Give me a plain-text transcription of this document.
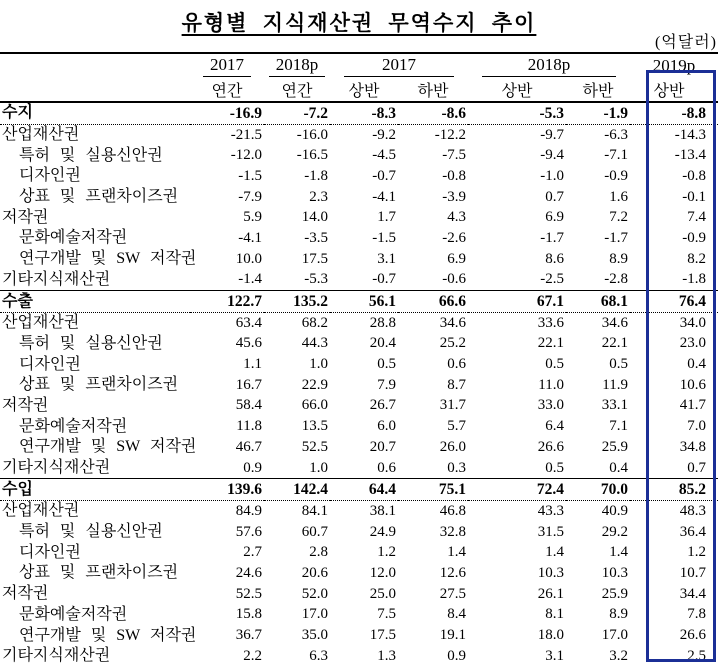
유형별 지식재산권 무역수지 추이
(억달러)
	2017	2018p	2017		2018p		2019p
	연간	연간	상반	하반	상반	하반	상반
수지	-16.9	-7.2	-8.3	-8.6	-5.3	-1.9	-8.8
산업재산권	-21.5	-16.0	-9.2	-12.2	-9.7	-6.3	-14.3
특허 및 실용신안권	-12.0	-16.5	-4.5	-7.5	-9.4	-7.1	-13.4
디자인권	-1.5	-1.8	-0.7	-0.8	-1.0	-0.9	-0.8
상표 및 프랜차이즈권	-7.9	2.3	-4.1	-3.9	0.7	1.6	-0.1
저작권	5.9	14.0	1.7	4.3	6.9	7.2	7.4
문화예술저작권	-4.1	-3.5	-1.5	-2.6	-1.7	-1.7	-0.9
연구개발 및 SW 저작권	10.0	17.5	3.1	6.9	8.6	8.9	8.2
기타지식재산권	-1.4	-5.3	-0.7	-0.6	-2.5	-2.8	-1.8
수출	122.7	135.2	56.1	66.6	67.1	68.1	76.4
산업재산권	63.4	68.2	28.8	34.6	33.6	34.6	34.0
특허 및 실용신안권	45.6	44.3	20.4	25.2	22.1	22.1	23.0
디자인권	1.1	1.0	0.5	0.6	0.5	0.5	0.4
상표 및 프랜차이즈권	16.7	22.9	7.9	8.7	11.0	11.9	10.6
저작권	58.4	66.0	26.7	31.7	33.0	33.1	41.7
문화예술저작권	11.8	13.5	6.0	5.7	6.4	7.1	7.0
연구개발 및 SW 저작권	46.7	52.5	20.7	26.0	26.6	25.9	34.8
기타지식재산권	0.9	1.0	0.6	0.3	0.5	0.4	0.7
수입	139.6	142.4	64.4	75.1	72.4	70.0	85.2
산업재산권	84.9	84.1	38.1	46.8	43.3	40.9	48.3
특허 및 실용신안권	57.6	60.7	24.9	32.8	31.5	29.2	36.4
디자인권	2.7	2.8	1.2	1.4	1.4	1.4	1.2
상표 및 프랜차이즈권	24.6	20.6	12.0	12.6	10.3	10.3	10.7
저작권	52.5	52.0	25.0	27.5	26.1	25.9	34.4
문화예술저작권	15.8	17.0	7.5	8.4	8.1	8.9	7.8
연구개발 및 SW 저작권	36.7	35.0	17.5	19.1	18.0	17.0	26.6
기타지식재산권	2.2	6.3	1.3	0.9	3.1	3.2	2.5
